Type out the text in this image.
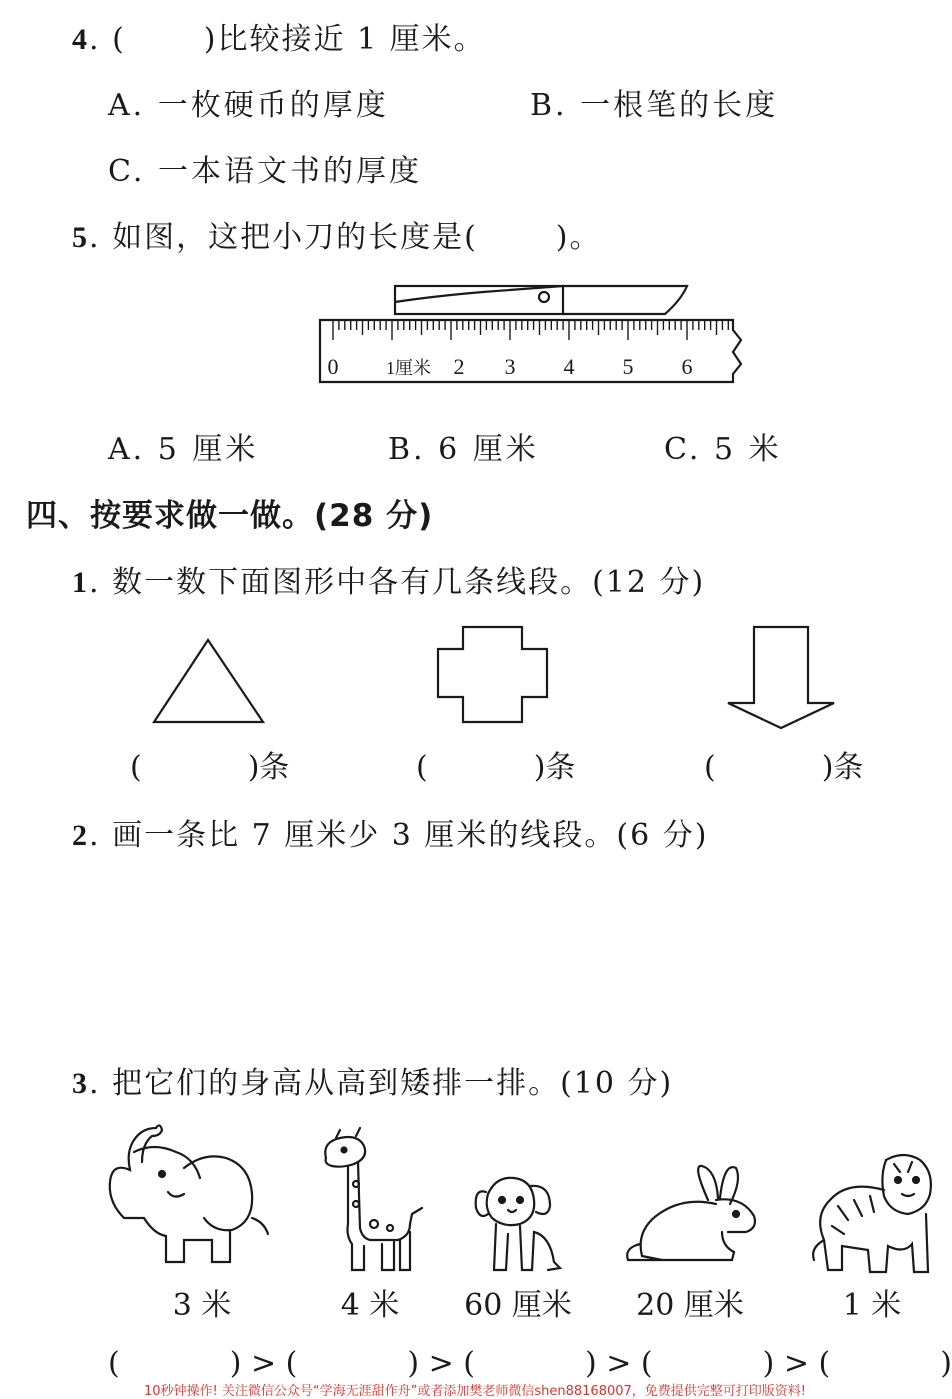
4. (	)比较接近 1 厘米。
A. 一枚硬币的厚度	B. 一根笔的长度
C. 一本语文书的厚度
5. 如图，这把小刀的长度是(	)。
0	1厘米 2 3 4 5 6
A. 5 厘米	B. 6 厘米	C. 5 米
四、按要求做一做。(28 分)
1. 数一数下面图形中各有几条线段。(12 分)
(	)条	(	)条	(	)条
2. 画一条比 7 厘米少 3 厘米的线段。(6 分)
3. 把它们的身高从高到矮排一排。(10 分)
3 米	4 米	60 厘米	20 厘米	1 米
(	) > (	) > (	) > (	) > (	)
10秒钟操作! 关注微信公众号“学海无涯甜作舟”或者添加樊老师微信shen88168007，免费提供完整可打印版资料!
